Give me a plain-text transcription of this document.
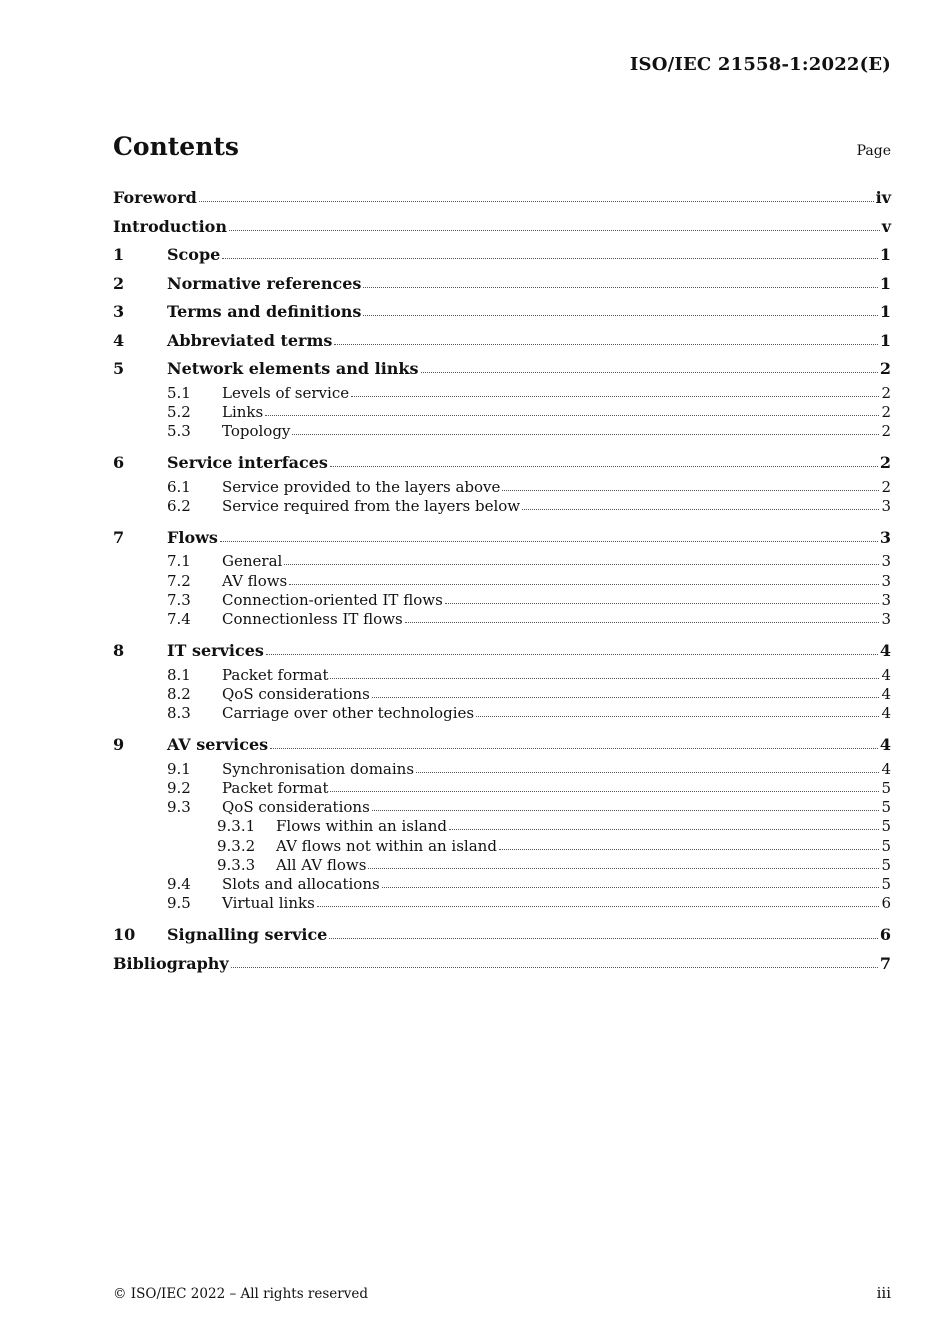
ISO/IEC 21558-1:2022(E)
Contents	Page
Foreword	iv
Introduction	v
1	Scope	1
2	Normative references	1
3	Terms and definitions	1
4	Abbreviated terms	1
5	Network elements and links	2
5.1	Levels of service	2
5.2	Links	2
5.3	Topology	2
6	Service interfaces	2
6.1	Service provided to the layers above	2
6.2	Service required from the layers below	3
7	Flows	3
7.1	General	3
7.2	AV flows	3
7.3	Connection-oriented IT flows	3
7.4	Connectionless IT flows	3
8	IT services	4
8.1	Packet format	4
8.2	QoS considerations	4
8.3	Carriage over other technologies	4
9	AV services	4
9.1	Synchronisation domains	4
9.2	Packet format	5
9.3	QoS considerations	5
9.3.1	Flows within an island	5
9.3.2	AV flows not within an island	5
9.3.3	All AV flows	5
9.4	Slots and allocations	5
9.5	Virtual links	6
10	Signalling service	6
Bibliography	7
© ISO/IEC 2022 – All rights reserved	iii
